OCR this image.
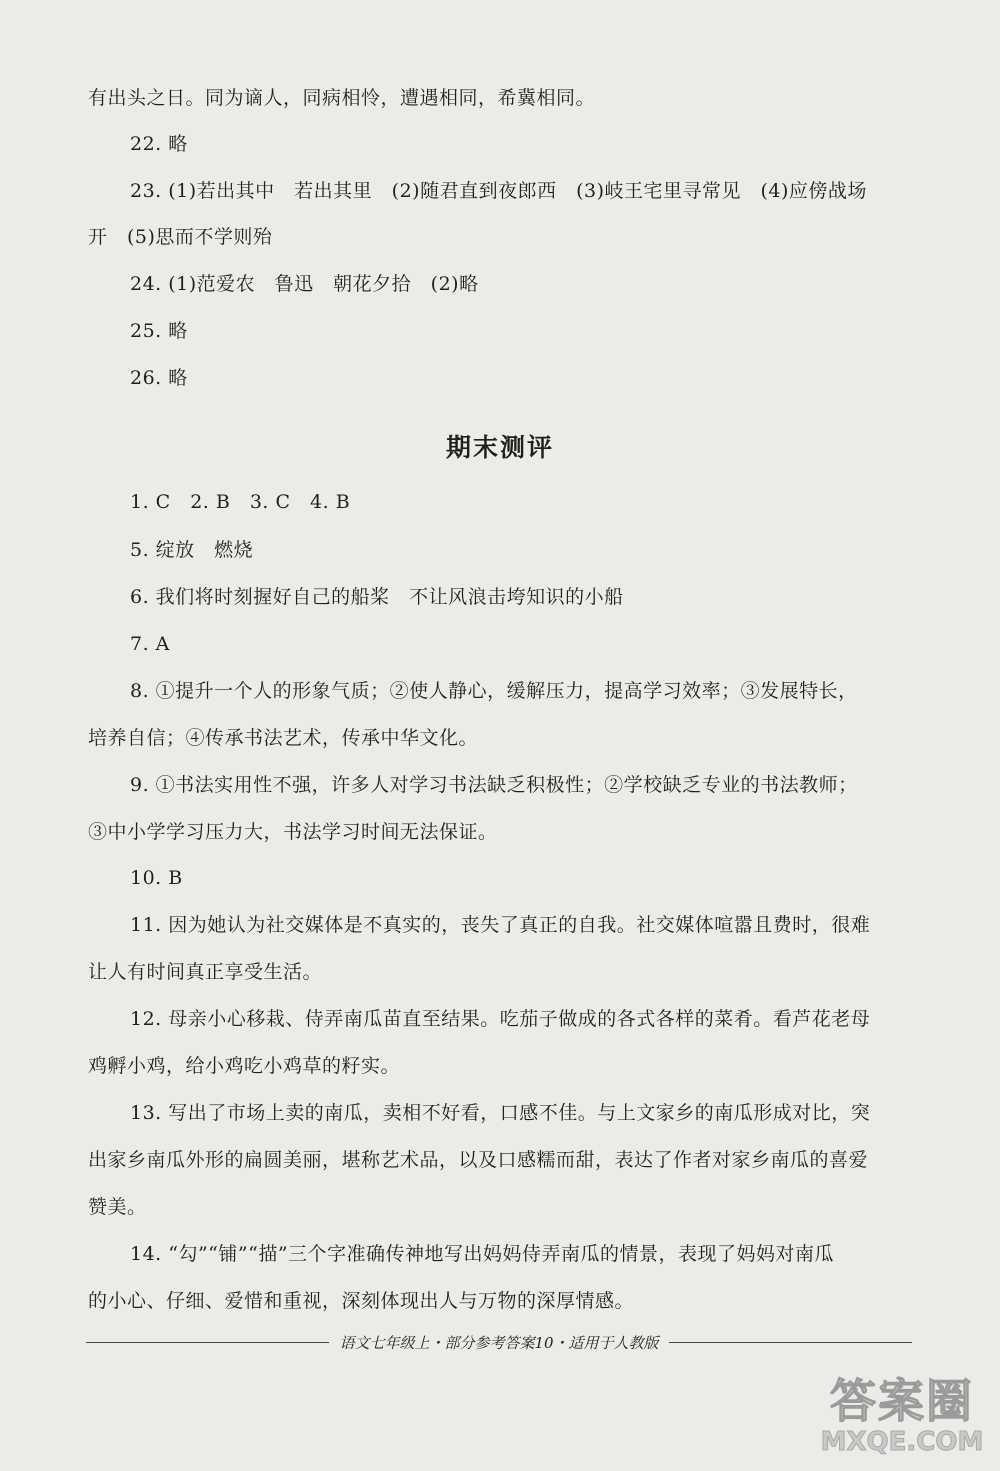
有出头之日。同为谪人，同病相怜，遭遇相同，希冀相同。
22. 略
23. (1)若出其中　若出其里　(2)随君直到夜郎西　(3)岐王宅里寻常见　(4)应傍战场
开　(5)思而不学则殆
24. (1)范爱农　鲁迅　朝花夕拾　(2)略
25. 略
26. 略
期末测评
1. C　2. B　3. C　4. B
5. 绽放　燃烧
6. 我们将时刻握好自己的船桨　不让风浪击垮知识的小船
7. A
8. ①提升一个人的形象气质；②使人静心，缓解压力，提高学习效率；③发展特长，
培养自信；④传承书法艺术，传承中华文化。
9. ①书法实用性不强，许多人对学习书法缺乏积极性；②学校缺乏专业的书法教师；
③中小学学习压力大，书法学习时间无法保证。
10. B
11. 因为她认为社交媒体是不真实的，丧失了真正的自我。社交媒体喧嚣且费时，很难
让人有时间真正享受生活。
12. 母亲小心移栽、侍弄南瓜苗直至结果。吃茄子做成的各式各样的菜肴。看芦花老母
鸡孵小鸡，给小鸡吃小鸡草的籽实。
13. 写出了市场上卖的南瓜，卖相不好看，口感不佳。与上文家乡的南瓜形成对比，突
出家乡南瓜外形的扁圆美丽，堪称艺术品，以及口感糯而甜，表达了作者对家乡南瓜的喜爱
赞美。
14. “勾”“铺”“描”三个字准确传神地写出妈妈侍弄南瓜的情景，表现了妈妈对南瓜
的小心、仔细、爱惜和重视，深刻体现出人与万物的深厚情感。
语文七年级上・部分参考答案10・适用于人教版
答案圈
MXQE.COM
